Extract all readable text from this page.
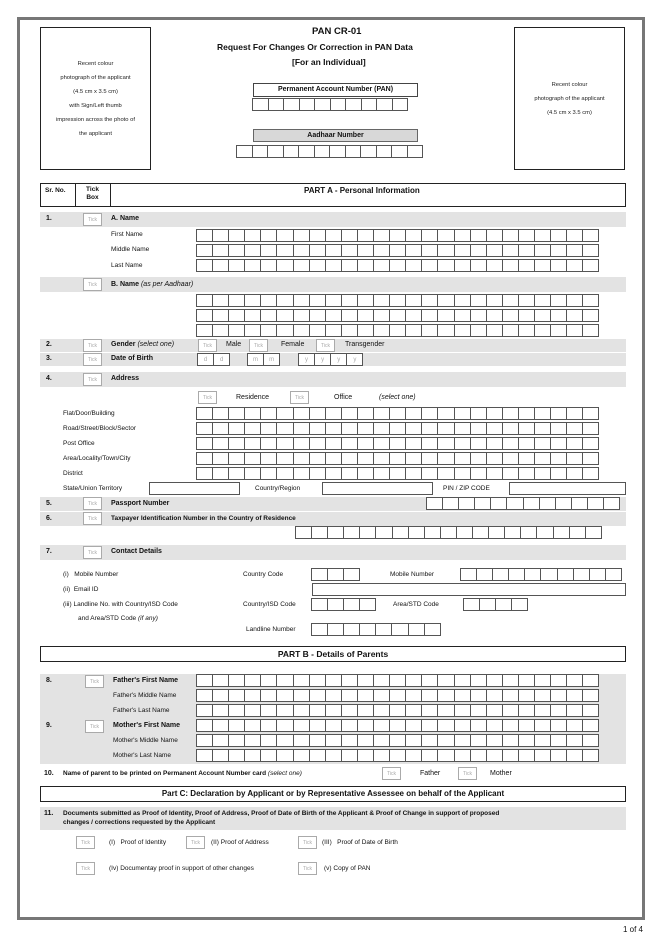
Recent colour
photograph of the applicant
(4.5 cm x 3.5 cm)
with Sign/Left thumb
impression across the photo of
the applicant
Recent colour
photograph of the applicant
(4.5 cm x 3.5 cm)
PAN CR-01
Request For Changes Or Correction in PAN Data
[For an Individual]
Permanent Account Number (PAN)
Aadhaar Number
Sr. No.	Tick Box
PART A - Personal Information
1.	Tick	A. Name
First Name
Middle Name
Last Name
Tick	B. Name (as per Aadhaar)
2.	Tick	Gender (select one)	Tick	Male	Tick	Female	Tick	Transgender
3.	Tick	Date of Birth	d	d	m	m	y	y	y	y
4.	Tick	Address
Tick	Residence	Tick	Office	(select one)
Flat/Door/Building
Road/Street/Block/Sector
Post Office
Area/Locality/Town/City
District
State/Union Territory	Country/Region	PIN / ZIP CODE
5.	Tick	Passport Number
6.	Tick	Taxpayer Identification Number in the Country of Residence
7.	Tick	Contact Details
(i)   Mobile Number
(ii)  Email ID
(iii) Landline No. with Country/ISD Code
and Area/STD Code (if any)
Country Code	Mobile Number
Country/ISD Code	Area/STD Code
Landline Number
PART B - Details of Parents
8.	Tick	Father's First Name
Father's Middle Name
Father's Last Name
9.	Tick	Mother's First Name
Mother's Middle Name
Mother's Last Name
10. Name of parent to be printed on Permanent Account Number card (select one)	Tick	Father	Tick	Mother
Part C: Declaration by Applicant or by Representative Assessee on behalf of the Applicant
11. Documents submitted as Proof of Identity, Proof of Address, Proof of Date of Birth of the Applicant & Proof of Change in support of proposed
changes / corrections requested by the Applicant
Tick	(I)   Proof of Identity	Tick	(II) Proof of Address	Tick	(III)   Proof of Date of Birth
Tick	(Iv) Documentay proof in support of other changes	Tick	(v) Copy of PAN
1 of 4
